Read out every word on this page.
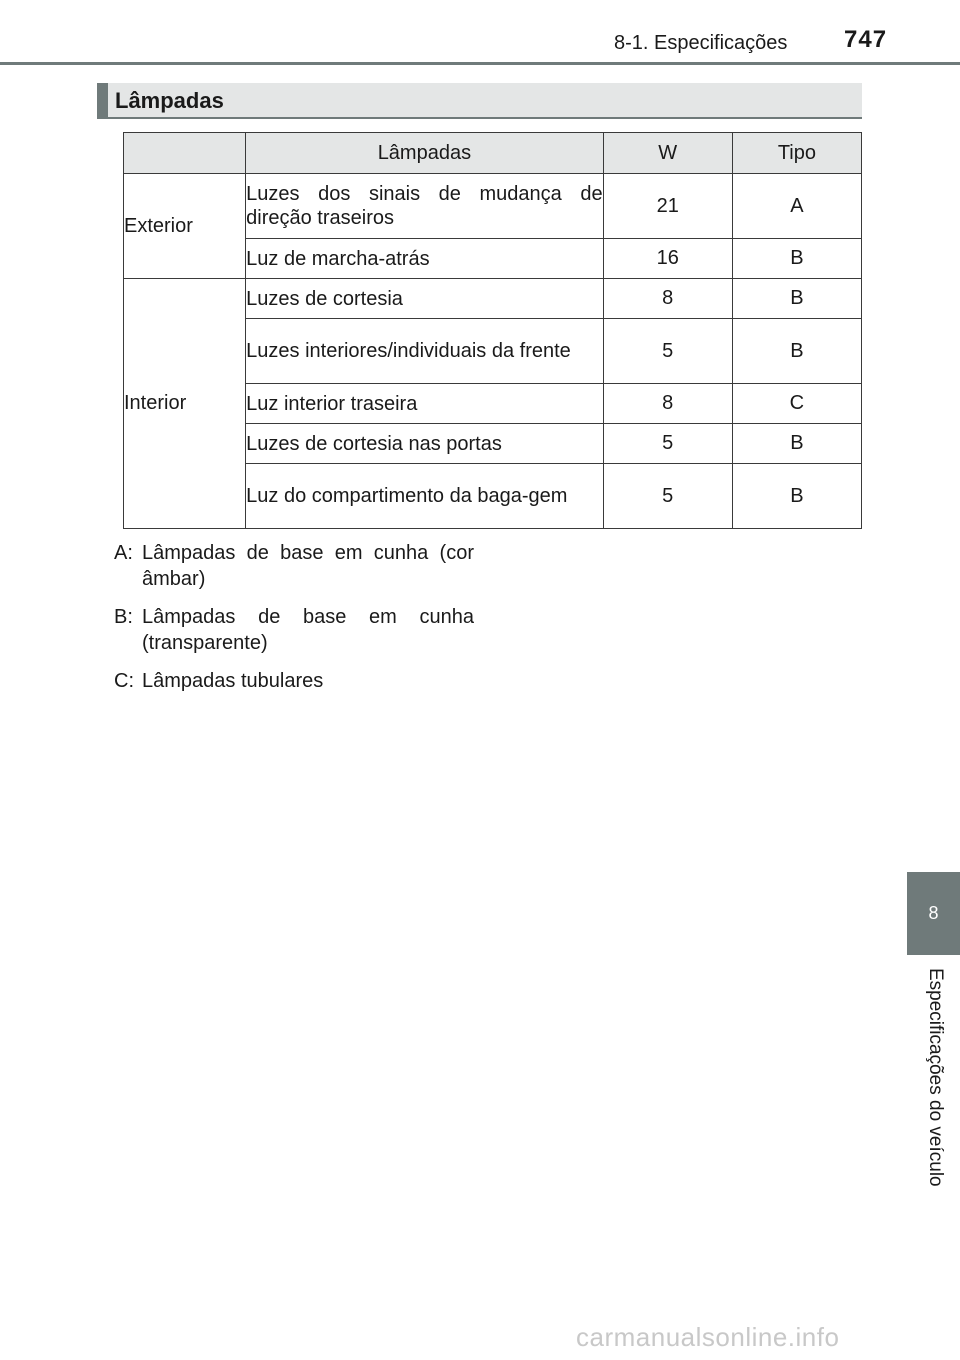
8-1. Especificações 747
Lâmpadas
	Lâmpadas	W	Tipo
Exterior	Luzes dos sinais de mudança de direção traseiros	21	A
	Luz de marcha-atrás	16	B
Interior	Luzes de cortesia	8	B
	Luzes interiores/individuais da frente	5	B
	Luz interior traseira	8	C
	Luzes de cortesia nas portas	5	B
	Luz do compartimento da baga-gem	5	B
A: Lâmpadas de base em cunha (cor âmbar)
B: Lâmpadas de base em cunha (transparente)
C: Lâmpadas tubulares
8
Especificações do veículo
carmanualsonline.info
